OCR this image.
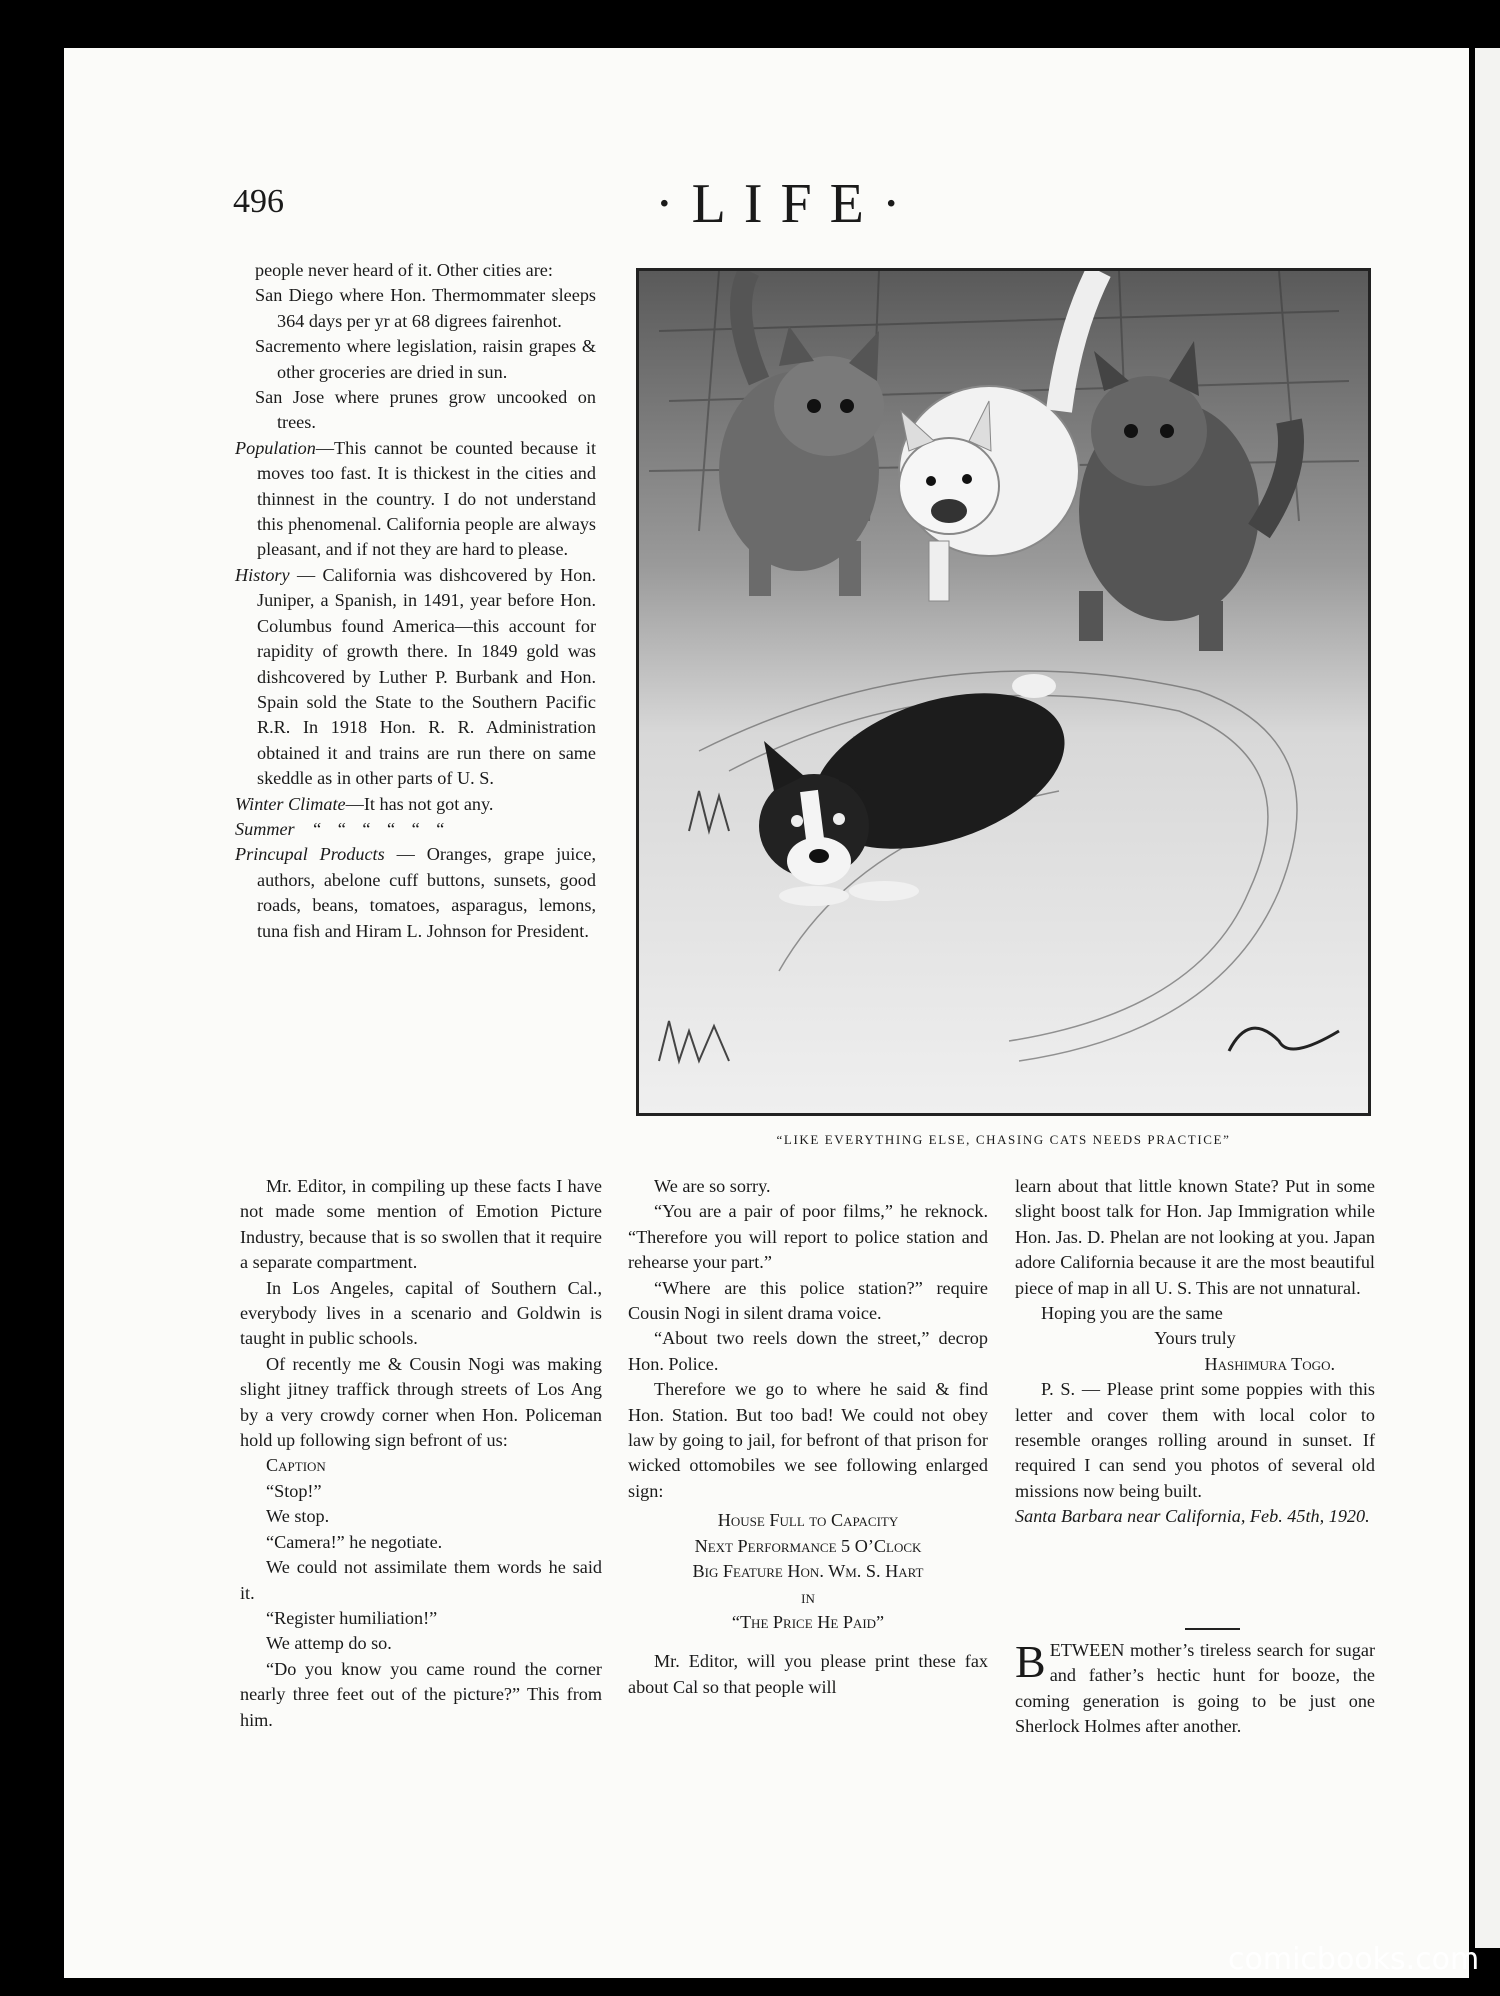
496	·LIFE·

people never heard of it. Other cities are:

San Diego where Hon. Thermommater sleeps 364 days per yr at 68 digrees fairenhot.

Sacremento where legislation, raisin grapes & other groceries are dried in sun.

San Jose where prunes grow uncooked on trees.

Population—This cannot be counted because it moves too fast. It is thickest in the cities and thinnest in the country. I do not understand this phenomenal. California people are always pleasant, and if not they are hard to please.

History — California was dishcovered by Hon. Juniper, a Spanish, in 1491, year before Hon. Columbus found America—this account for rapidity of growth there. In 1849 gold was dishcovered by Luther P. Burbank and Hon. Spain sold the State to the Southern Pacific R.R. In 1918 Hon. R. R. Administration obtained it and trains are run there on same skeddle as in other parts of U. S.

Winter Climate—It has not got any.

Summer “ “ “ “ “ “

Princupal Products — Oranges, grape juice, authors, abelone cuff buttons, sunsets, good roads, beans, tomatoes, asparagus, lemons, tuna fish and Hiram L. Johnson for President.

“LIKE EVERYTHING ELSE, CHASING CATS NEEDS PRACTICE”

Mr. Editor, in compiling up these facts I have not made some mention of Emotion Picture Industry, because that is so swollen that it require a separate compartment.

In Los Angeles, capital of Southern Cal., everybody lives in a scenario and Goldwin is taught in public schools.

Of recently me & Cousin Nogi was making slight jitney traffick through streets of Los Ang by a very crowdy corner when Hon. Policeman hold up following sign befront of us:

Caption

“Stop!”

We stop.

“Camera!” he negotiate.

We could not assimilate them words he said it.

“Register humiliation!”

We attemp do so.

“Do you know you came round the corner nearly three feet out of the picture?” This from him.

We are so sorry.

“You are a pair of poor films,” he reknock. “Therefore you will report to police station and rehearse your part.”

“Where are this police station?” require Cousin Nogi in silent drama voice.

“About two reels down the street,” decrop Hon. Police.

Therefore we go to where he said & find Hon. Station. But too bad! We could not obey law by going to jail, for befront of that prison for wicked ottomobiles we see following enlarged sign:

House Full to Capacity

Next Performance 5 O’Clock

Big Feature Hon. Wm. S. Hart

in

“The Price He Paid”

Mr. Editor, will you please print these fax about Cal so that people will

learn about that little known State? Put in some slight boost talk for Hon. Jap Immigration while Hon. Jas. D. Phelan are not looking at you. Japan adore California because it are the most beautiful piece of map in all U. S. This are not unnatural.

Hoping you are the same

Yours truly

Hashimura Togo.

P. S. — Please print some poppies with this letter and cover them with local color to resemble oranges rolling around in sunset. If required I can send you photos of several old missions now being built.

Santa Barbara near California, Feb. 45th, 1920.

BETWEEN mother’s tireless search for sugar and father’s hectic hunt for booze, the coming generation is going to be just one Sherlock Holmes after another.

comicbooks.com
